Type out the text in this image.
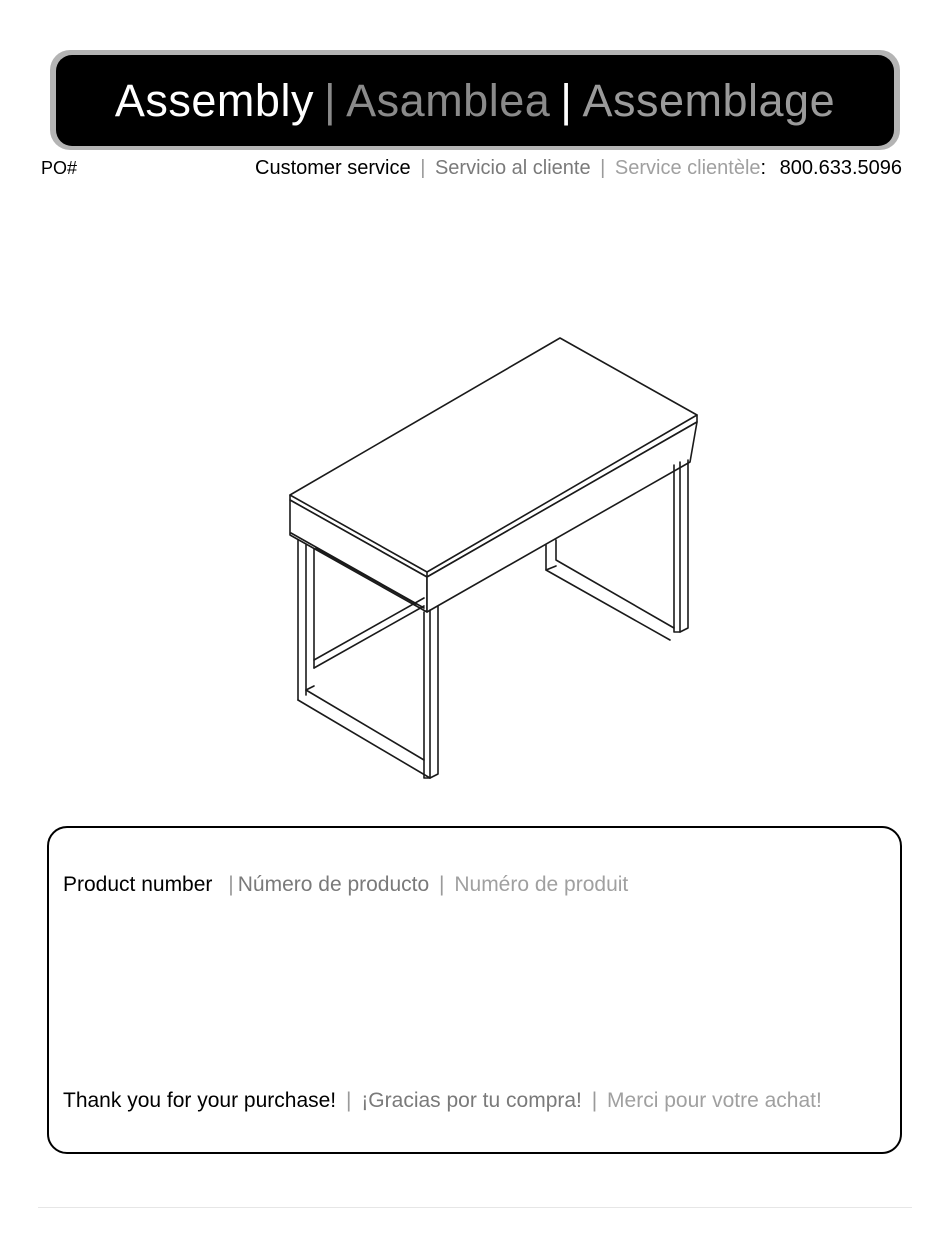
Assembly | Asamblea | Assemblage
PO#	Customer service | Servicio al cliente | Service clientèle: 800.633.5096
Product number | Número de producto | Numéro de produit
Thank you for your purchase! | ¡Gracias por tu compra! | Merci pour votre achat!
